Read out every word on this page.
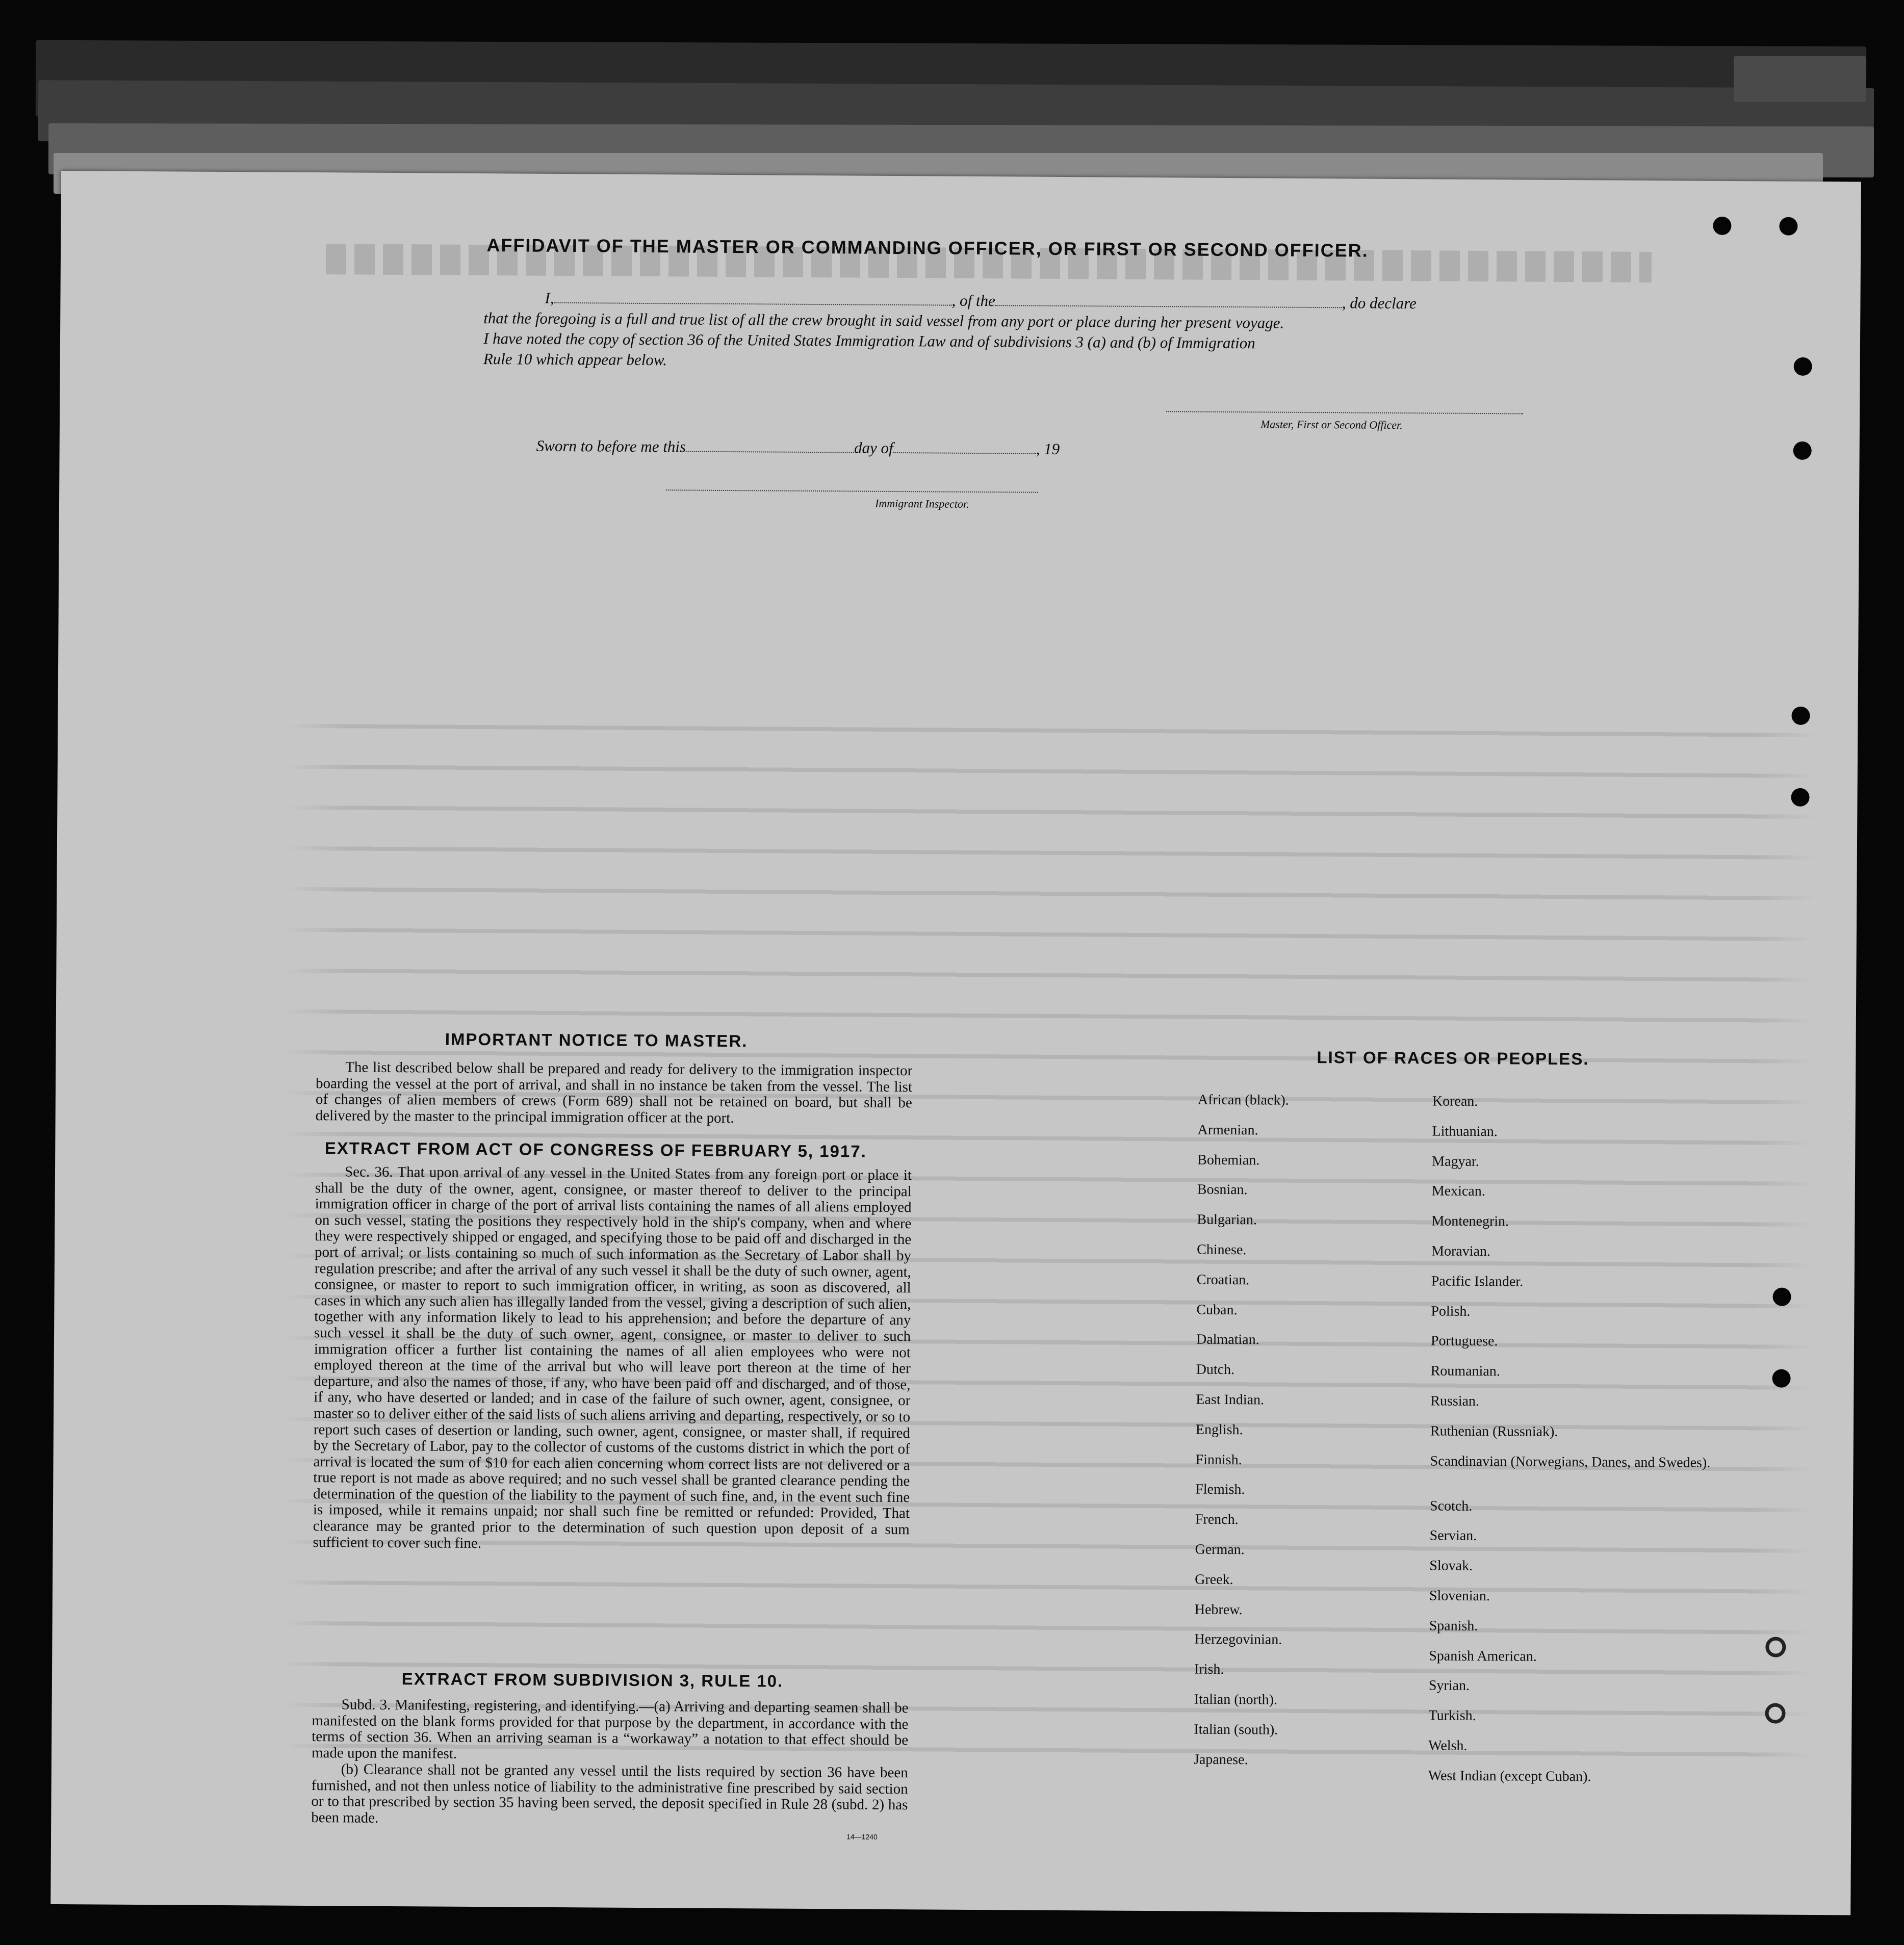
AFFIDAVIT OF THE MASTER OR COMMANDING OFFICER, OR FIRST OR SECOND OFFICER.
I,	, of the	, do declare
that the foregoing is a full and true list of all the crew brought in said vessel from any port or place during her present voyage.
I have noted the copy of section 36 of the United States Immigration Law and of subdivisions 3 (a) and (b) of Immigration
Rule 10 which appear below.
Master, First or Second Officer.
Sworn to before me this	day of	, 19
Immigrant Inspector.
IMPORTANT NOTICE TO MASTER.
The list described below shall be prepared and ready for delivery to the immigration inspector boarding the vessel at the port of arrival, and shall in no instance be taken from the vessel. The list of changes of alien members of crews (Form 689) shall not be retained on board, but shall be delivered by the master to the principal immigration officer at the port.
EXTRACT FROM ACT OF CONGRESS OF FEBRUARY 5, 1917.
Sec. 36. That upon arrival of any vessel in the United States from any foreign port or place it shall be the duty of the owner, agent, consignee, or master thereof to deliver to the principal immigration officer in charge of the port of arrival lists containing the names of all aliens employed on such vessel, stating the positions they respectively hold in the ship's company, when and where they were respectively shipped or engaged, and specifying those to be paid off and discharged in the port of arrival; or lists containing so much of such information as the Secretary of Labor shall by regulation prescribe; and after the arrival of any such vessel it shall be the duty of such owner, agent, consignee, or master to report to such immigration officer, in writing, as soon as discovered, all cases in which any such alien has illegally landed from the vessel, giving a description of such alien, together with any information likely to lead to his apprehension; and before the departure of any such vessel it shall be the duty of such owner, agent, consignee, or master to deliver to such immigration officer a further list containing the names of all alien employees who were not employed thereon at the time of the arrival but who will leave port thereon at the time of her departure, and also the names of those, if any, who have been paid off and discharged, and of those, if any, who have deserted or landed; and in case of the failure of such owner, agent, consignee, or master so to deliver either of the said lists of such aliens arriving and departing, respectively, or so to report such cases of desertion or landing, such owner, agent, consignee, or master shall, if required by the Secretary of Labor, pay to the collector of customs of the customs district in which the port of arrival is located the sum of $10 for each alien concerning whom correct lists are not delivered or a true report is not made as above required; and no such vessel shall be granted clearance pending the determination of the question of the liability to the payment of such fine, and, in the event such fine is imposed, while it remains unpaid; nor shall such fine be remitted or refunded: Provided, That clearance may be granted prior to the determination of such question upon deposit of a sum sufficient to cover such fine.
EXTRACT FROM SUBDIVISION 3, RULE 10.
Subd. 3. Manifesting, registering, and identifying.—(a) Arriving and departing seamen shall be manifested on the blank forms provided for that purpose by the department, in accordance with the terms of section 36. When an arriving seaman is a “workaway” a notation to that effect should be made upon the manifest.
(b) Clearance shall not be granted any vessel until the lists required by section 36 have been furnished, and not then unless notice of liability to the administrative fine prescribed by said section or to that prescribed by section 35 having been served, the deposit specified in Rule 28 (subd. 2) has been made.
14—1240
LIST OF RACES OR PEOPLES.
African (black).
Armenian.
Bohemian.
Bosnian.
Bulgarian.
Chinese.
Croatian.
Cuban.
Dalmatian.
Dutch.
East Indian.
English.
Finnish.
Flemish.
French.
German.
Greek.
Hebrew.
Herzegovinian.
Irish.
Italian (north).
Italian (south).
Japanese.
Korean.
Lithuanian.
Magyar.
Mexican.
Montenegrin.
Moravian.
Pacific Islander.
Polish.
Portuguese.
Roumanian.
Russian.
Ruthenian (Russniak).
Scandinavian (Norwegians, Danes, and Swedes).
Scotch.
Servian.
Slovak.
Slovenian.
Spanish.
Spanish American.
Syrian.
Turkish.
Welsh.
West Indian (except Cuban).
